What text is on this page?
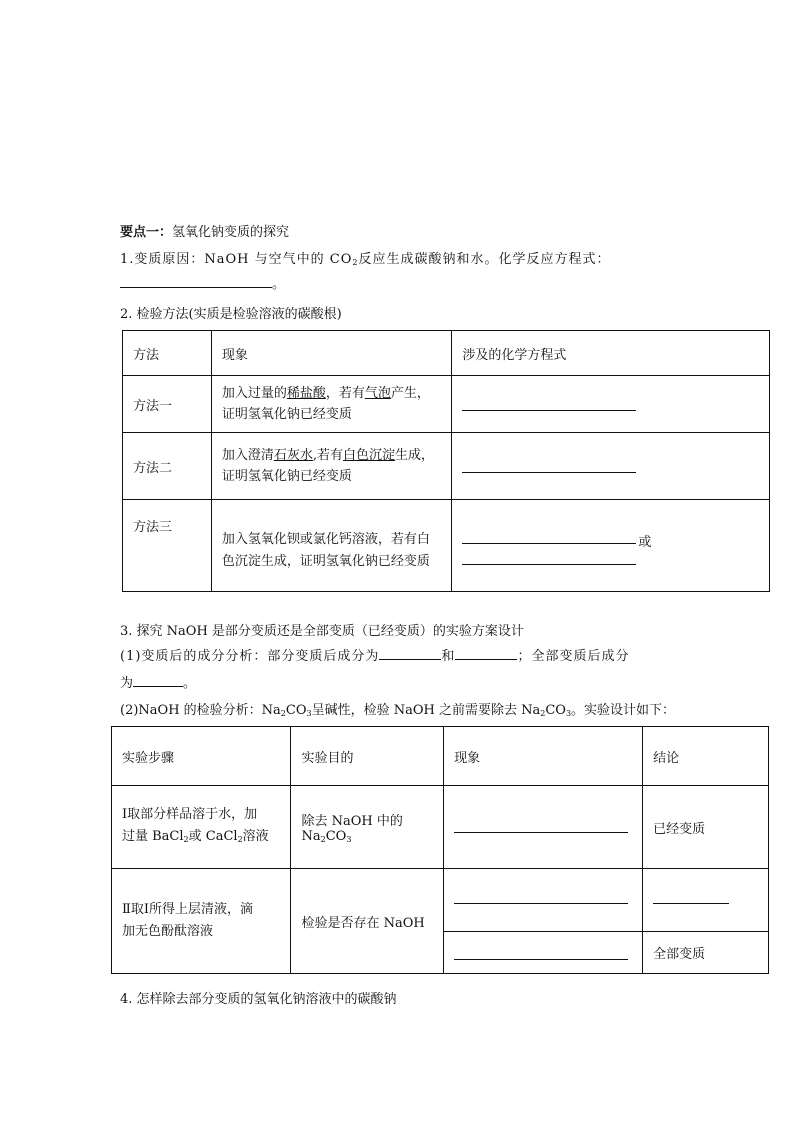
要点一：氢氧化钠变质的探究
1.变质原因：NaOH 与空气中的 $CO_2$反应生成碳酸钠和水。化学反应方程式：
。
2. 检验方法(实质是检验溶液的碳酸根)
方法	现象	涉及的化学方程式
方法一	加入过量的稀盐酸，若有气泡产生，
证明氢氧化钠已经变质	

方法二	加入澄清石灰水,若有白色沉淀生成，
证明氢氧化钠已经变质	

方法三	加入氢氧化钡或氯化钙溶液，若有白
色沉淀生成，证明氢氧化钠已经变质	或
3. 探究 NaOH 是部分变质还是全部变质（已经变质）的实验方案设计
(1)变质后的成分分析：部分变质后成分为	和	；全部变质后成分
为	。
(2)NaOH 的检验分析：$Na_2CO_3$呈碱性，检验 NaOH 之前需要除去 $Na_2CO_3$。实验设计如下：
实验步骤	实验目的	现象	结论
Ⅰ取部分样品溶于水，加
过量 BaCl$_2$或 CaCl$_2$溶液	除去 NaOH 中的 $Na_2CO_3$		已经变质
Ⅱ取Ⅰ所得上层清液，滴
加无色酚酞溶液	检验是否存在 NaOH	

			全部变质
4. 怎样除去部分变质的氢氧化钠溶液中的碳酸钠
